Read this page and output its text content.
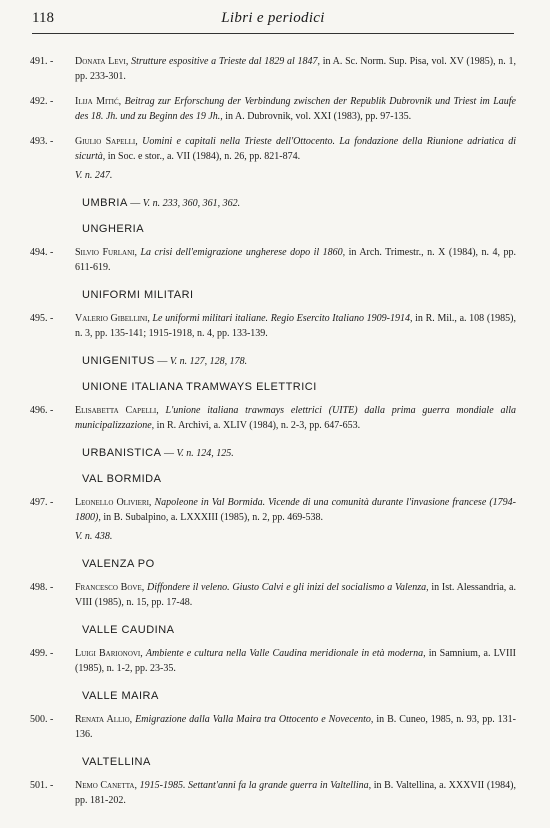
118	Libri e periodici
491. - Donata Levi, Strutture espositive a Trieste dal 1829 al 1847, in A. Sc. Norm. Sup. Pisa, vol. XV (1985), n. 1, pp. 233-301.
492. - Ilija Mitić, Beitrag zur Erforschung der Verbindung zwischen der Republik Dubrovnik und Triest im Laufe des 18. Jh. und zu Beginn des 19 Jh., in A. Dubrovnik, vol. XXI (1983), pp. 97-135.
493. - Giulio Sapelli, Uomini e capitali nella Trieste dell'Ottocento. La fondazione della Riunione adriatica di sicurtà, in Soc. e stor., a. VII (1984), n. 26, pp. 821-874.
V. n. 247.
UMBRIA — V. n. 233, 360, 361, 362.
UNGHERIA
494. - Silvio Furlani, La crisi dell'emigrazione ungherese dopo il 1860, in Arch. Trimestr., n. X (1984), n. 4, pp. 611-619.
UNIFORMI MILITARI
495. - Valerio Gibellini, Le uniformi militari italiane. Regio Esercito Italiano 1909-1914, in R. Mil., a. 108 (1985), n. 3, pp. 135-141; 1915-1918, n. 4, pp. 133-139.
UNIGENITUS — V. n. 127, 128, 178.
UNIONE ITALIANA TRAMWAYS ELETTRICI
496. - Elisabetta Capelli, L'unione italiana trawmays elettrici (UITE) dalla prima guerra mondiale alla municipalizzazione, in R. Archivi, a. XLIV (1984), n. 2-3, pp. 647-653.
URBANISTICA — V. n. 124, 125.
VAL BORMIDA
497. - Leonello Olivieri, Napoleone in Val Bormida. Vicende di una comunità durante l'invasione francese (1794-1800), in B. Subalpino, a. LXXXIII (1985), n. 2, pp. 469-538.
V. n. 438.
VALENZA PO
498. - Francesco Bove, Diffondere il veleno. Giusto Calvi e gli inizi del socialismo a Valenza, in Ist. Alessandria, a. VIII (1985), n. 15, pp. 17-48.
VALLE CAUDINA
499. - Luigi Barionovi, Ambiente e cultura nella Valle Caudina meridionale in età moderna, in Samnium, a. LVIII (1985), n. 1-2, pp. 23-35.
VALLE MAIRA
500. - Renata Allio, Emigrazione dalla Valla Maira tra Ottocento e Novecento, in B. Cuneo, 1985, n. 93, pp. 131-136.
VALTELLINA
501. - Nemo Canetta, 1915-1985. Settant'anni fa la grande guerra in Valtellina, in B. Valtellina, a. XXXVII (1984), pp. 181-202.
